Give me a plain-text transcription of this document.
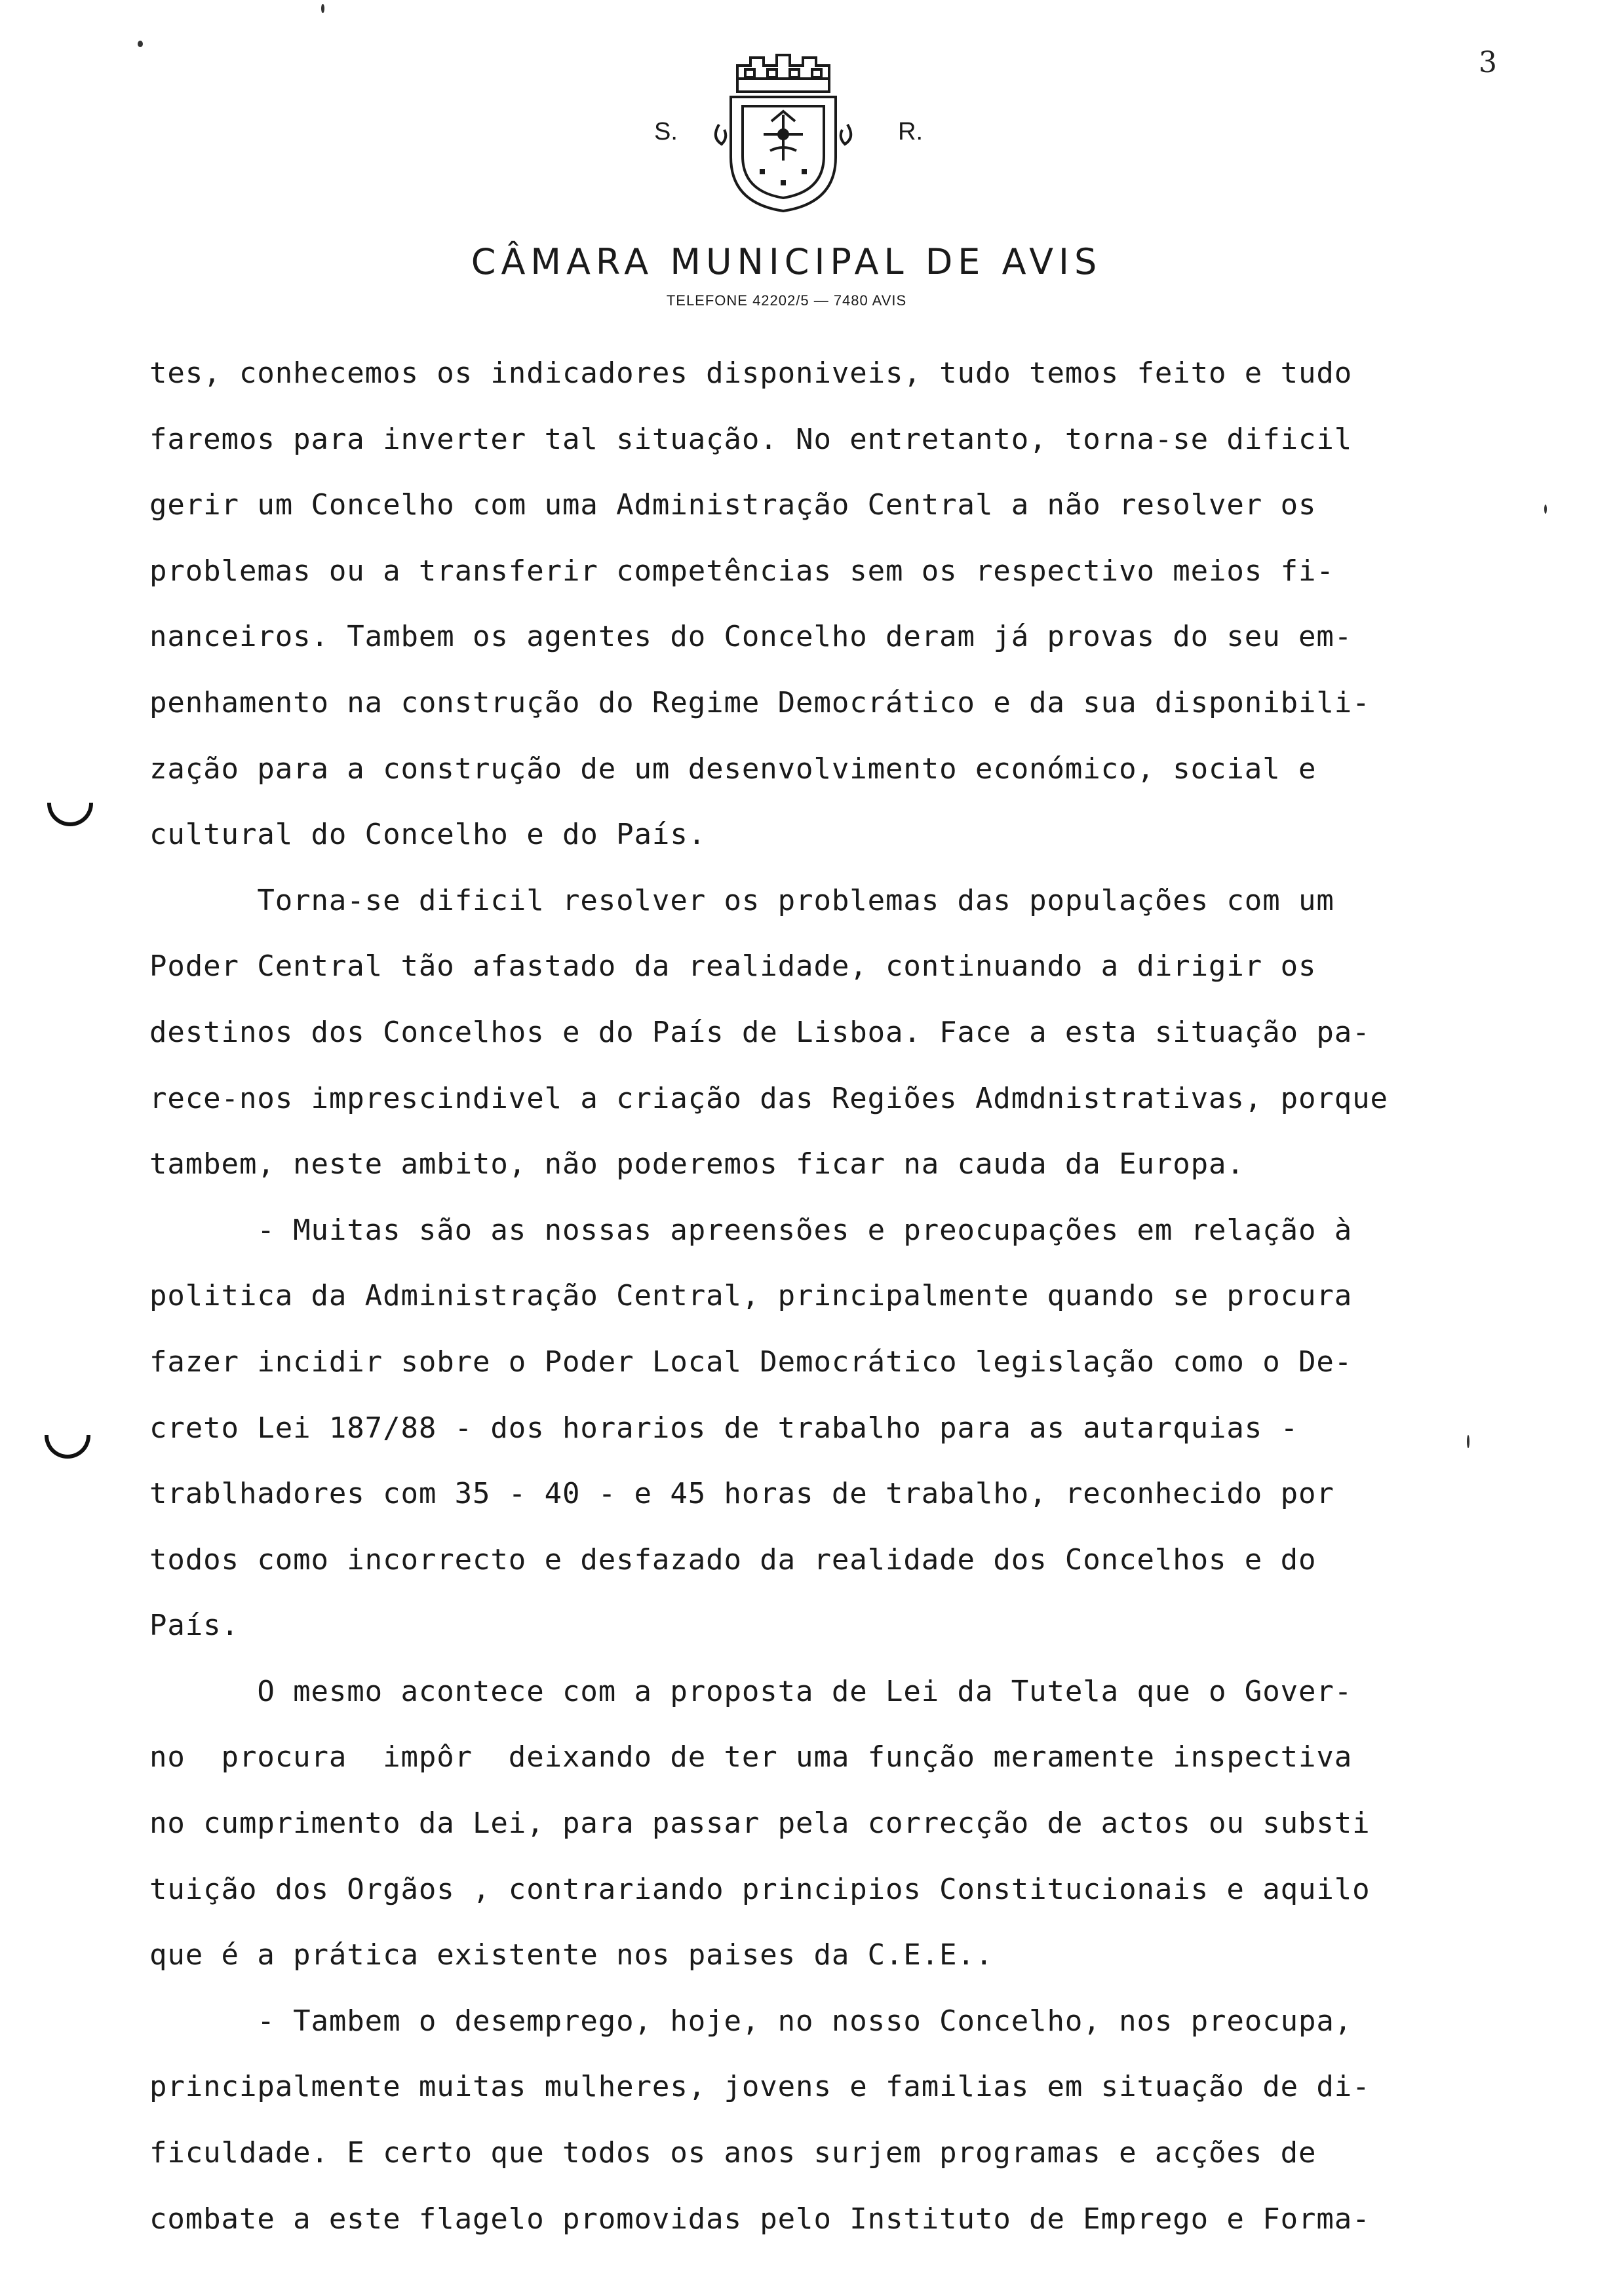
3
S.	R.
CÂMARA MUNICIPAL DE AVIS
TELEFONE 42202/5 — 7480 AVIS
tes, conhecemos os indicadores disponiveis, tudo temos feito e tudo
faremos para inverter tal situação. No entretanto, torna-se dificil
gerir um Concelho com uma Administração Central a não resolver os
problemas ou a transferir competências sem os respectivo meios fi-
nanceiros. Tambem os agentes do Concelho deram já provas do seu em-
penhamento na construção do Regime Democrático e da sua disponibili-
zação para a construção de um desenvolvimento económico, social e
cultural do Concelho e do País.
Torna-se dificil resolver os problemas das populações com um
Poder Central tão afastado da realidade, continuando a dirigir os
destinos dos Concelhos e do País de Lisboa. Face a esta situação pa-
rece-nos imprescindivel a criação das Regiões Admdnistrativas, porque
tambem, neste ambito, não poderemos ficar na cauda da Europa.
- Muitas são as nossas apreensões e preocupações em relação à
politica da Administração Central, principalmente quando se procura
fazer incidir sobre o Poder Local Democrático legislação como o De-
creto Lei 187/88 - dos horarios de trabalho para as autarquias -
trablhadores com 35 - 40 - e 45 horas de trabalho, reconhecido por
todos como incorrecto e desfazado da realidade dos Concelhos e do
País.
O mesmo acontece com a proposta de Lei da Tutela que o Gover-
no  procura  impôr  deixando de ter uma função meramente inspectiva
no cumprimento da Lei, para passar pela correcção de actos ou substi
tuição dos Orgãos , contrariando principios Constitucionais e aquilo
que é a prática existente nos paises da C.E.E..
- Tambem o desemprego, hoje, no nosso Concelho, nos preocupa,
principalmente muitas mulheres, jovens e familias em situação de di-
ficuldade. E certo que todos os anos surjem programas e acções de
combate a este flagelo promovidas pelo Instituto de Emprego e Forma-
